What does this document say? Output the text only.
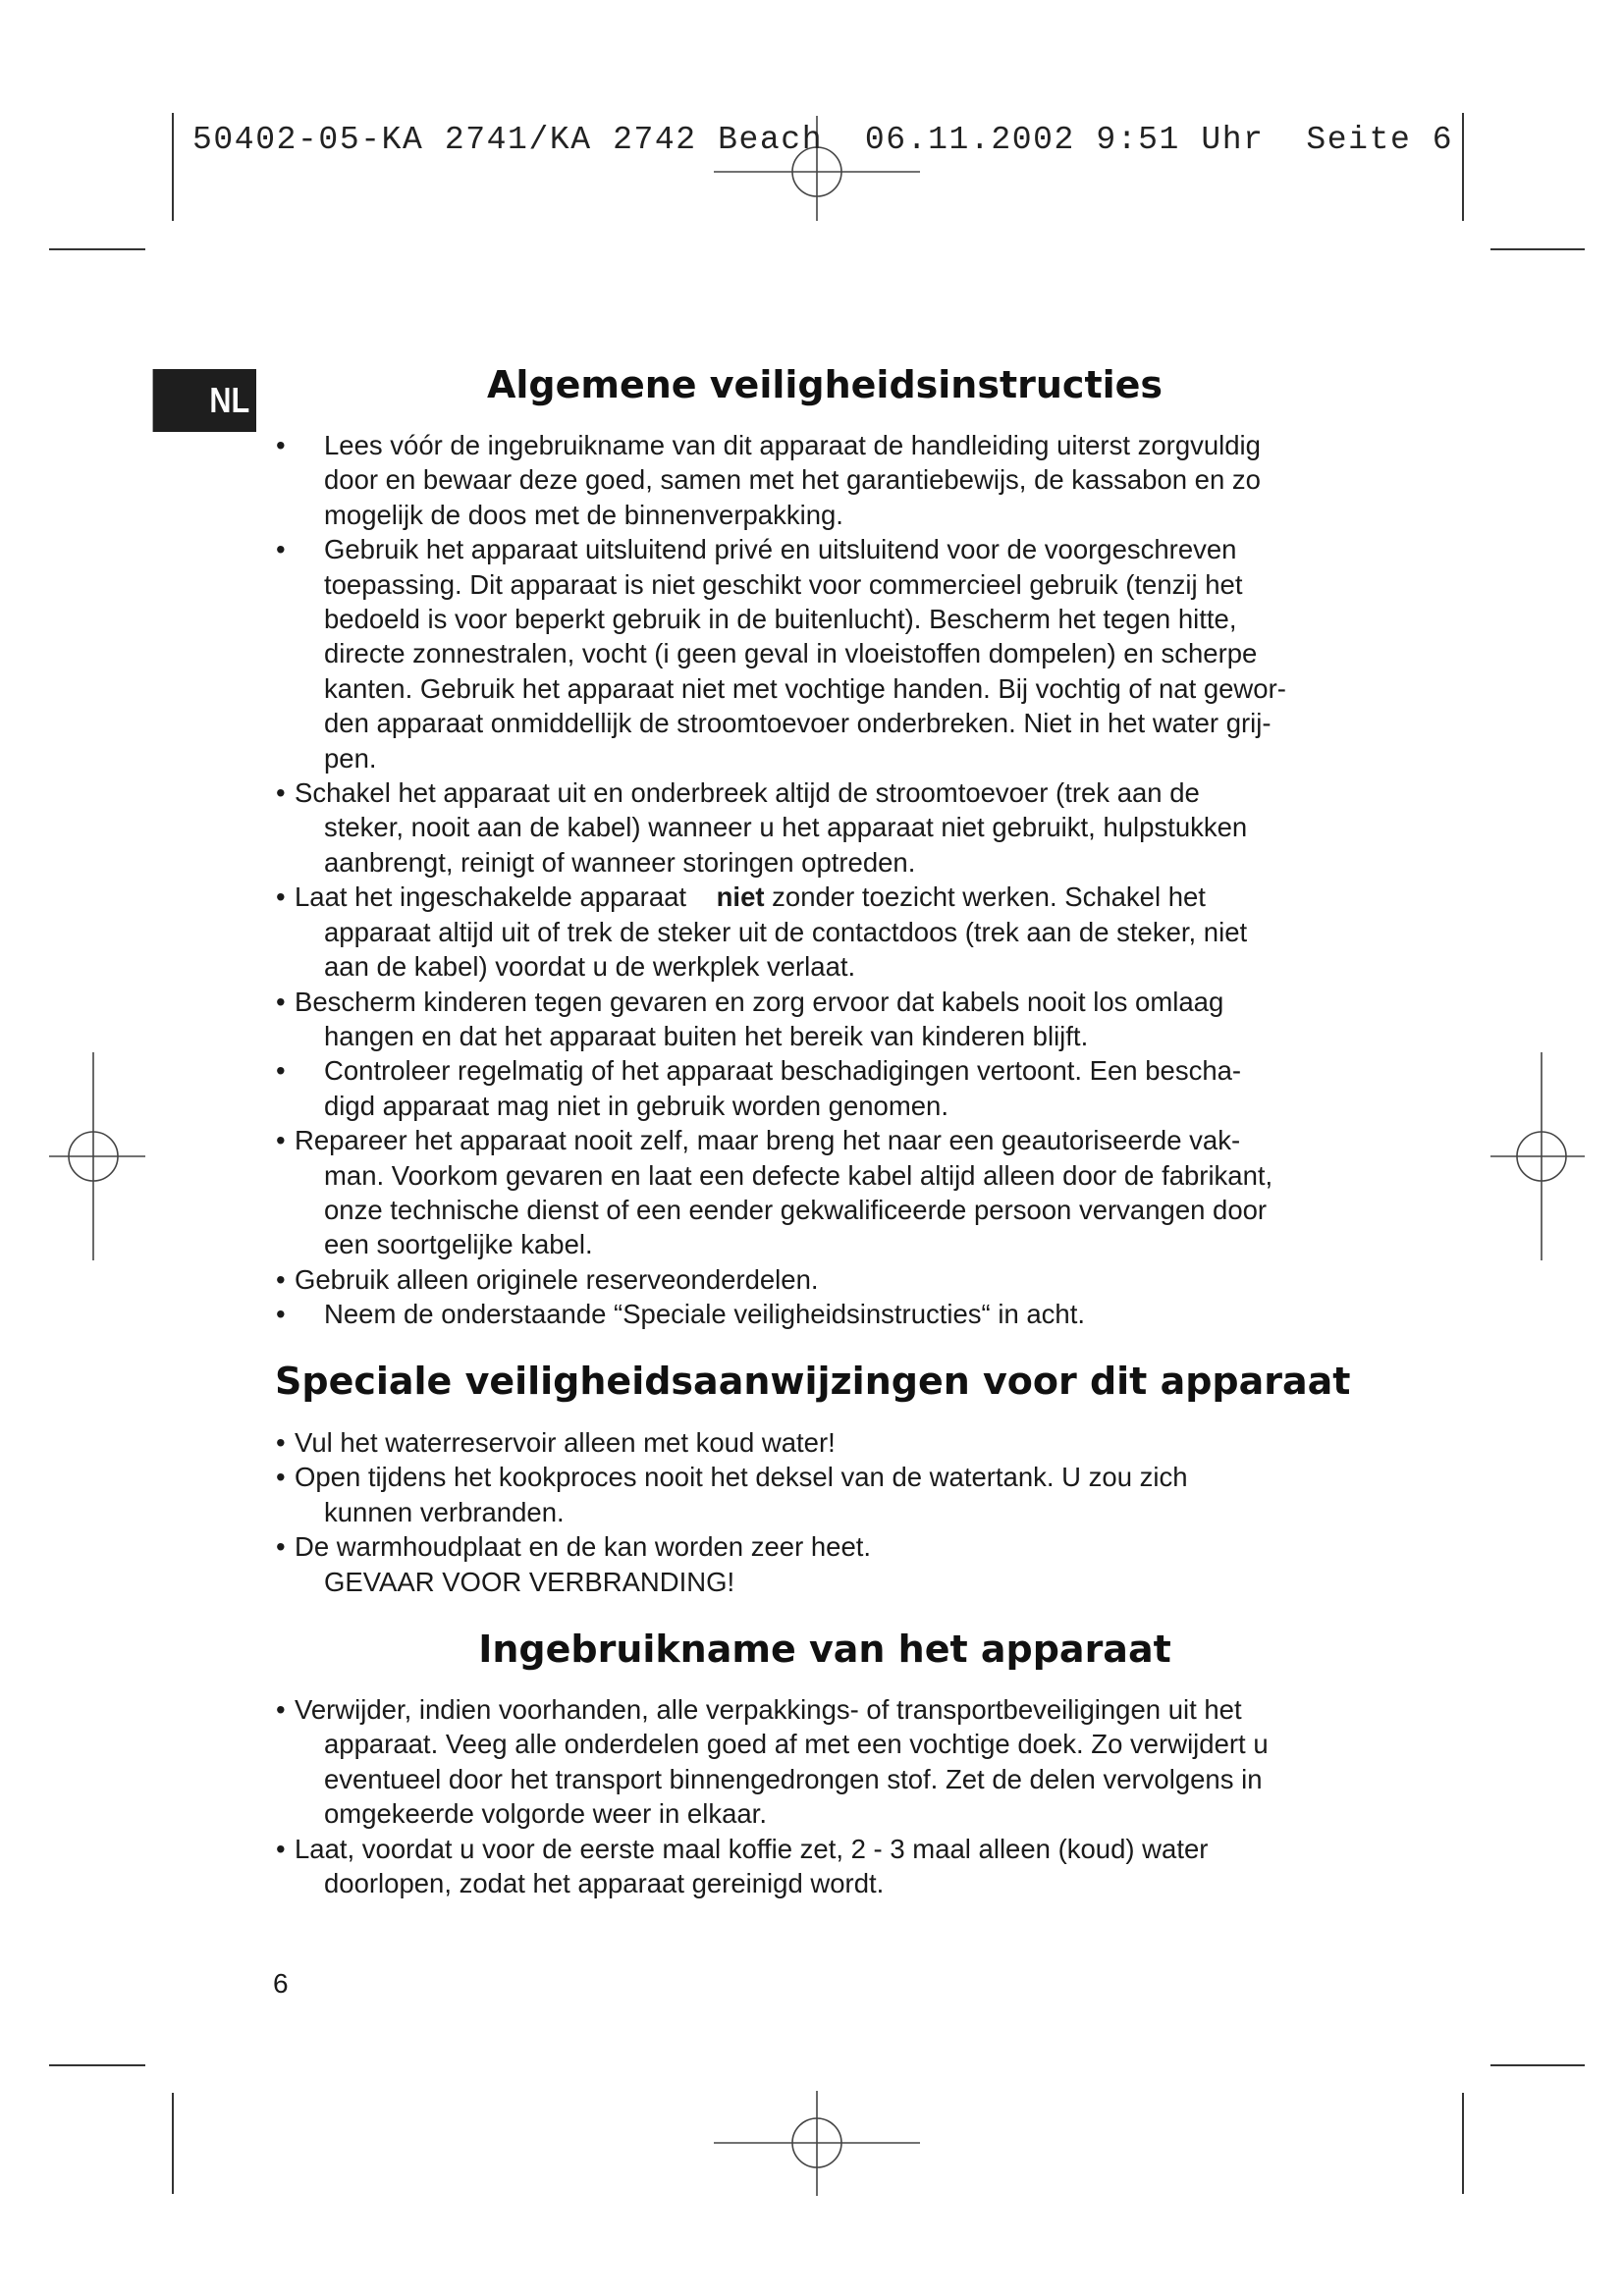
50402-05-KA 2741/KA 2742 Beach  06.11.2002 9:51 Uhr  Seite 6
NL	Algemene veiligheidsinstructies
• Lees vóór de ingebruikname van dit apparaat de handleiding uiterst zorgvuldig
door en bewaar deze goed, samen met het garantiebewijs, de kassabon en zo
mogelijk de doos met de binnenverpakking.
• Gebruik het apparaat uitsluitend privé en uitsluitend voor de voorgeschreven
toepassing. Dit apparaat is niet geschikt voor commercieel gebruik (tenzij het
bedoeld is voor beperkt gebruik in de buitenlucht). Bescherm het tegen hitte,
directe zonnestralen, vocht (i geen geval in vloeistoffen dompelen) en scherpe
kanten. Gebruik het apparaat niet met vochtige handen. Bij vochtig of nat gewor-
den apparaat onmiddellijk de stroomtoevoer onderbreken. Niet in het water grij-
pen.
• Schakel het apparaat uit en onderbreek altijd de stroomtoevoer (trek aan de
steker, nooit aan de kabel) wanneer u het apparaat niet gebruikt, hulpstukken
aanbrengt, reinigt of wanneer storingen optreden.
• Laat het ingeschakelde apparaat niet zonder toezicht werken. Schakel het
apparaat altijd uit of trek de steker uit de contactdoos (trek aan de steker, niet
aan de kabel) voordat u de werkplek verlaat.
• Bescherm kinderen tegen gevaren en zorg ervoor dat kabels nooit los omlaag
hangen en dat het apparaat buiten het bereik van kinderen blijft.
• Controleer regelmatig of het apparaat beschadigingen vertoont. Een bescha-
digd apparaat mag niet in gebruik worden genomen.
• Repareer het apparaat nooit zelf, maar breng het naar een geautoriseerde vak-
man. Voorkom gevaren en laat een defecte kabel altijd alleen door de fabrikant,
onze technische dienst of een eender gekwalificeerde persoon vervangen door
een soortgelijke kabel.
• Gebruik alleen originele reserveonderdelen.
• Neem de onderstaande “Speciale veiligheidsinstructies“ in acht.
Speciale veiligheidsaanwijzingen voor dit apparaat
• Vul het waterreservoir alleen met koud water!
• Open tijdens het kookproces nooit het deksel van de watertank. U zou zich
kunnen verbranden.
• De warmhoudplaat en de kan worden zeer heet.
GEVAAR VOOR VERBRANDING!
Ingebruikname van het apparaat
• Verwijder, indien voorhanden, alle verpakkings- of transportbeveiligingen uit het
apparaat. Veeg alle onderdelen goed af met een vochtige doek. Zo verwijdert u
eventueel door het transport binnengedrongen stof. Zet de delen vervolgens in
omgekeerde volgorde weer in elkaar.
• Laat, voordat u voor de eerste maal koffie zet, 2 - 3 maal alleen (koud) water
doorlopen, zodat het apparaat gereinigd wordt.
6
